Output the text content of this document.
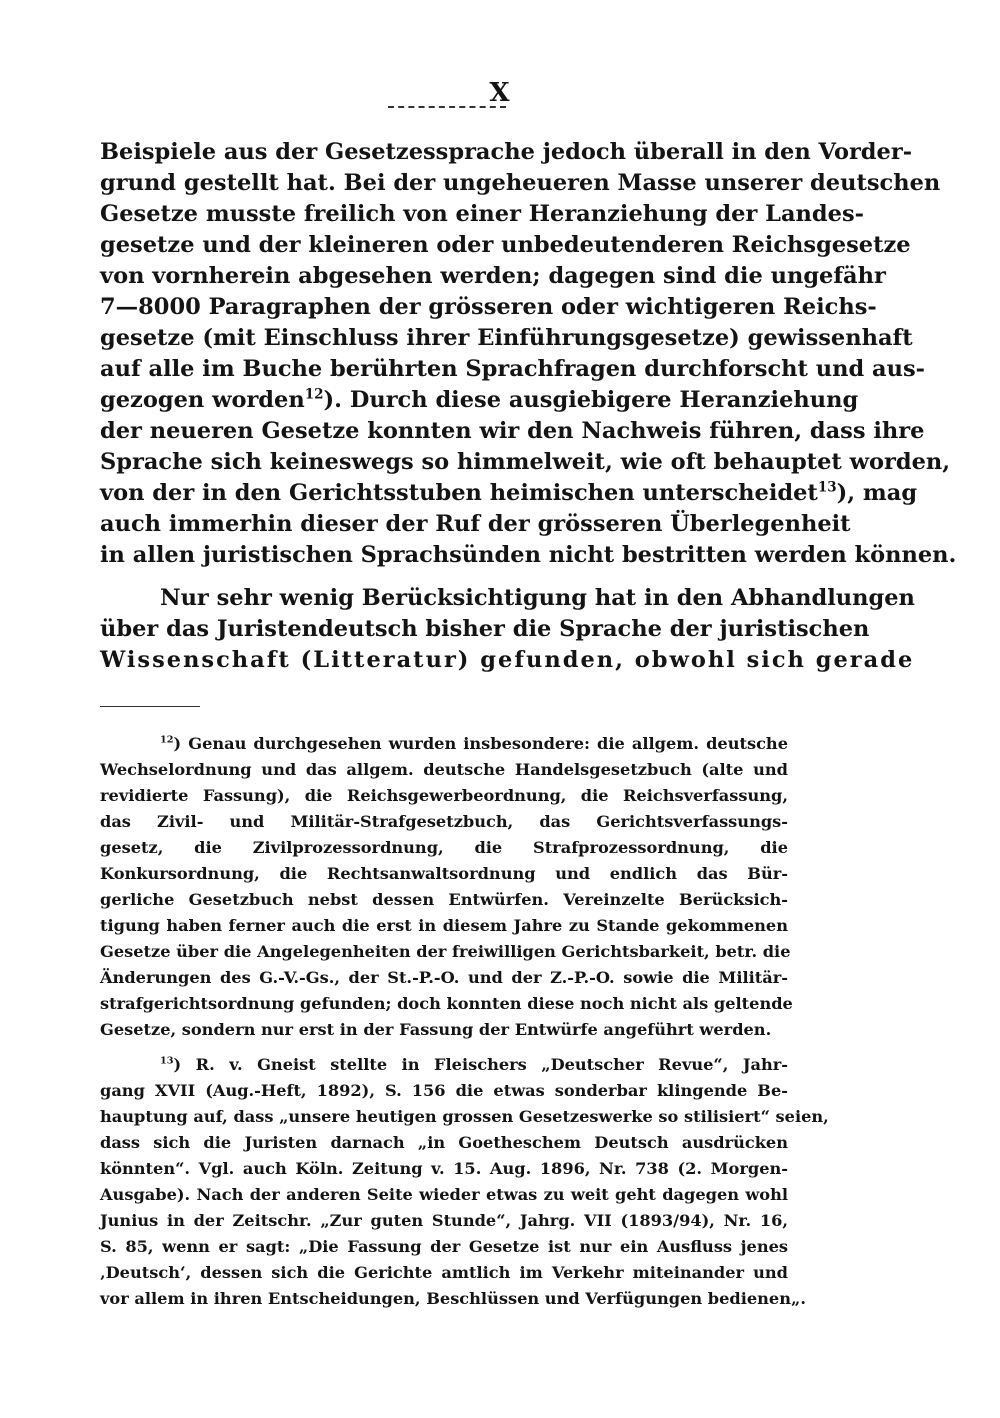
X
Beispiele aus der Gesetzessprache jedoch überall in den Vorder-
grund gestellt hat. Bei der ungeheueren Masse unserer deutschen
Gesetze musste freilich von einer Heranziehung der Landes-
gesetze und der kleineren oder unbedeutenderen Reichsgesetze
von vornherein abgesehen werden; dagegen sind die ungefähr
7—8000 Paragraphen der grösseren oder wichtigeren Reichs-
gesetze (mit Einschluss ihrer Einführungsgesetze) gewissenhaft
auf alle im Buche berührten Sprachfragen durchforscht und aus-
gezogen worden$^{12}$). Durch diese ausgiebigere Heranziehung
der neueren Gesetze konnten wir den Nachweis führen, dass ihre
Sprache sich keineswegs so himmelweit, wie oft behauptet worden,
von der in den Gerichtsstuben heimischen unterscheidet$^{13}$), mag
auch immerhin dieser der Ruf der grösseren Überlegenheit
in allen juristischen Sprachsünden nicht bestritten werden können.
Nur sehr wenig Berücksichtigung hat in den Abhandlungen
über das Juristendeutsch bisher die Sprache der juristischen
Wissenschaft (Litteratur) gefunden, obwohl sich gerade
$^{12}$) Genau durchgesehen wurden insbesondere: die allgem. deutsche
Wechselordnung und das allgem. deutsche Handelsgesetzbuch (alte und
revidierte Fassung), die Reichsgewerbeordnung, die Reichsverfassung,
das Zivil- und Militär-Strafgesetzbuch, das Gerichtsverfassungs-
gesetz, die Zivilprozessordnung, die Strafprozessordnung, die
Konkursordnung, die Rechtsanwaltsordnung und endlich das Bür-
gerliche Gesetzbuch nebst dessen Entwürfen. Vereinzelte Berücksich-
tigung haben ferner auch die erst in diesem Jahre zu Stande gekommenen
Gesetze über die Angelegenheiten der freiwilligen Gerichtsbarkeit, betr. die
Änderungen des G.-V.-Gs., der St.-P.-O. und der Z.-P.-O. sowie die Militär-
strafgerichtsordnung gefunden; doch konnten diese noch nicht als geltende
Gesetze, sondern nur erst in der Fassung der Entwürfe angeführt werden.
$^{13}$) R. v. Gneist stellte in Fleischers „Deutscher Revue“, Jahr-
gang XVII (Aug.-Heft, 1892), S. 156 die etwas sonderbar klingende Be-
hauptung auf, dass „unsere heutigen grossen Gesetzeswerke so stilisiert“ seien,
dass sich die Juristen darnach „in Goetheschem Deutsch ausdrücken
könnten“. Vgl. auch Köln. Zeitung v. 15. Aug. 1896, Nr. 738 (2. Morgen-
Ausgabe). Nach der anderen Seite wieder etwas zu weit geht dagegen wohl
Junius in der Zeitschr. „Zur guten Stunde“, Jahrg. VII (1893/94), Nr. 16,
S. 85, wenn er sagt: „Die Fassung der Gesetze ist nur ein Ausfluss jenes
‚Deutsch‘, dessen sich die Gerichte amtlich im Verkehr miteinander und
vor allem in ihren Entscheidungen, Beschlüssen und Verfügungen bedienen„.
